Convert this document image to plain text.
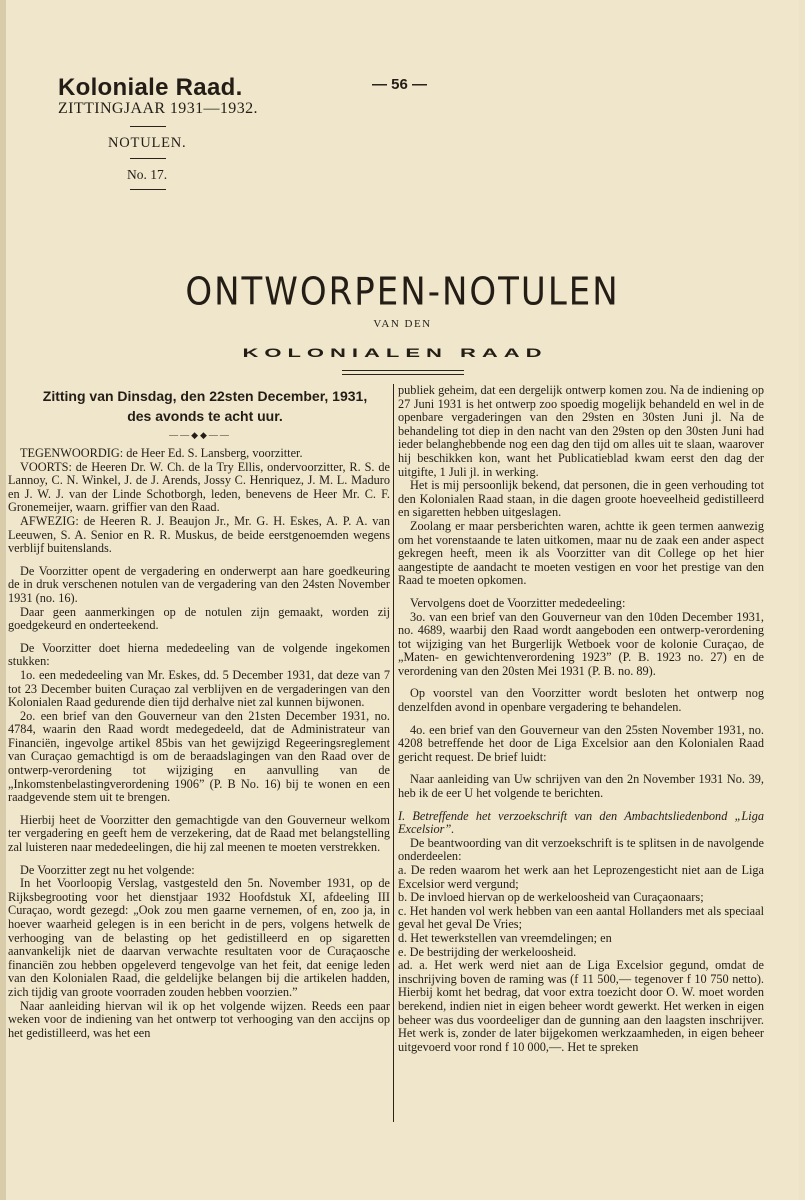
Koloniale Raad.
ZITTINGJAAR 1931—1932.
NOTULEN.
No. 17.
— 56 —
ONTWORPEN-NOTULEN
VAN DEN
KOLONIALEN RAAD
Zitting van Dinsdag, den 22sten December, 1931,
des avonds te acht uur.
——◆◆——

TEGENWOORDIG: de Heer Ed. S. Lansberg, voorzitter.

VOORTS: de Heeren Dr. W. Ch. de la Try Ellis, ondervoorzitter, R. S. de Lannoy, C. N. Winkel, J. de J. Arends, Jossy C. Henriquez, J. M. L. Maduro en J. W. J. van der Linde Schotborgh, leden, benevens de Heer Mr. C. F. Gronemeijer, waarn. griffier van den Raad.

AFWEZIG: de Heeren R. J. Beaujon Jr., Mr. G. H. Eskes, A. P. A. van Leeuwen, S. A. Senior en R. R. Muskus, de beide eerstgenoemden wegens verblijf buitenslands.

De Voorzitter opent de vergadering en onderwerpt aan hare goedkeuring de in druk verschenen notulen van de vergadering van den 24sten November 1931 (no. 16).

Daar geen aanmerkingen op de notulen zijn gemaakt, worden zij goedgekeurd en onderteekend.

De Voorzitter doet hierna mededeeling van de volgende ingekomen stukken:

1o. een mededeeling van Mr. Eskes, dd. 5 December 1931, dat deze van 7 tot 23 December buiten Curaçao zal verblijven en de vergaderingen van den Kolonialen Raad gedurende dien tijd derhalve niet zal kunnen bijwonen.

2o. een brief van den Gouverneur van den 21sten December 1931, no. 4784, waarin den Raad wordt medegedeeld, dat de Administrateur van Financiën, ingevolge artikel 85bis van het gewijzigd Regeeringsreglement van Curaçao gemachtigd is om de beraadslagingen van den Raad over de ontwerp-verordening tot wijziging en aanvulling van de „Inkomstenbelastingverordening 1906” (P. B No. 16) bij te wonen en een raadgevende stem uit te brengen.

Hierbij heet de Voorzitter den gemachtigde van den Gouverneur welkom ter vergadering en geeft hem de verzekering, dat de Raad met belangstelling zal luisteren naar mededeelingen, die hij zal meenen te moeten verstrekken.

De Voorzitter zegt nu het volgende:

In het Voorloopig Verslag, vastgesteld den 5n. November 1931, op de Rijksbegrooting voor het dienstjaar 1932 Hoofdstuk XI, afdeeling III Curaçao, wordt gezegd: „Ook zou men gaarne vernemen, of en, zoo ja, in hoever waarheid gelegen is in een bericht in de pers, volgens hetwelk de verhooging van de belasting op het gedistilleerd en op sigaretten aanvankelijk niet de daarvan verwachte resultaten voor de Curaçaosche financiën zou hebben opgeleverd tengevolge van het feit, dat eenige leden van den Kolonialen Raad, die geldelijke belangen bij die artikelen hadden, zich tijdig van groote voorraden zouden hebben voorzien.”

Naar aanleiding hiervan wil ik op het volgende wijzen. Reeds een paar weken voor de indiening van het ontwerp tot verhooging van den accijns op het gedistilleerd, was het een

publiek geheim, dat een dergelijk ontwerp komen zou. Na de indiening op 27 Juni 1931 is het ontwerp zoo spoedig mogelijk behandeld en wel in de openbare vergaderingen van den 29sten en 30sten Juni jl. Na de behandeling tot diep in den nacht van den 29sten op den 30sten Juni had ieder belanghebbende nog een dag den tijd om alles uit te slaan, waarover hij beschikken kon, want het Publicatieblad kwam eerst den dag der uitgifte, 1 Juli jl. in werking.

Het is mij persoonlijk bekend, dat personen, die in geen verhouding tot den Kolonialen Raad staan, in die dagen groote hoeveelheid gedistilleerd en sigaretten hebben uitgeslagen.

Zoolang er maar persberichten waren, achtte ik geen termen aanwezig om het vorenstaande te laten uitkomen, maar nu de zaak een ander aspect gekregen heeft, meen ik als Voorzitter van dit College op het hier aangestipte de aandacht te moeten vestigen en voor het prestige van den Raad te moeten opkomen.

Vervolgens doet de Voorzitter mededeeling:

3o. van een brief van den Gouverneur van den 10den December 1931, no. 4689, waarbij den Raad wordt aangeboden een ontwerp-verordening tot wijziging van het Burgerlijk Wetboek voor de kolonie Curaçao, de „Maten- en gewichtenverordening 1923” (P. B. 1923 no. 27) en de verordening van den 20sten Mei 1931 (P. B. no. 89).

Op voorstel van den Voorzitter wordt besloten het ontwerp nog denzelfden avond in openbare vergadering te behandelen.

4o. een brief van den Gouverneur van den 25sten November 1931, no. 4208 betreffende het door de Liga Excelsior aan den Kolonialen Raad gericht request. De brief luidt:

Naar aanleiding van Uw schrijven van den 2n November 1931 No. 39, heb ik de eer U het volgende te berichten.

I. Betreffende het verzoekschrift van den Ambachtsliedenbond „Liga Excelsior”.

De beantwoording van dit verzoekschrift is te splitsen in de navolgende onderdeelen:

a. De reden waarom het werk aan het Leprozengesticht niet aan de Liga Excelsior werd vergund;

b. De invloed hiervan op de werkeloosheid van Curaçaonaars;

c. Het handen vol werk hebben van een aantal Hollanders met als speciaal geval het geval De Vries;

d. Het tewerkstellen van vreemdelingen; en

e. De bestrijding der werkeloosheid.

ad. a. Het werk werd niet aan de Liga Excelsior gegund, omdat de inschrijving boven de raming was (f 11 500,— tegenover f 10 750 netto). Hierbij komt het bedrag, dat voor extra toezicht door O. W. moet worden berekend, indien niet in eigen beheer wordt gewerkt. Het werken in eigen beheer was dus voordeeliger dan de gunning aan den laagsten inschrijver. Het werk is, zonder de later bijgekomen werkzaamheden, in eigen beheer uitgevoerd voor rond f 10 000,—. Het te spreken
